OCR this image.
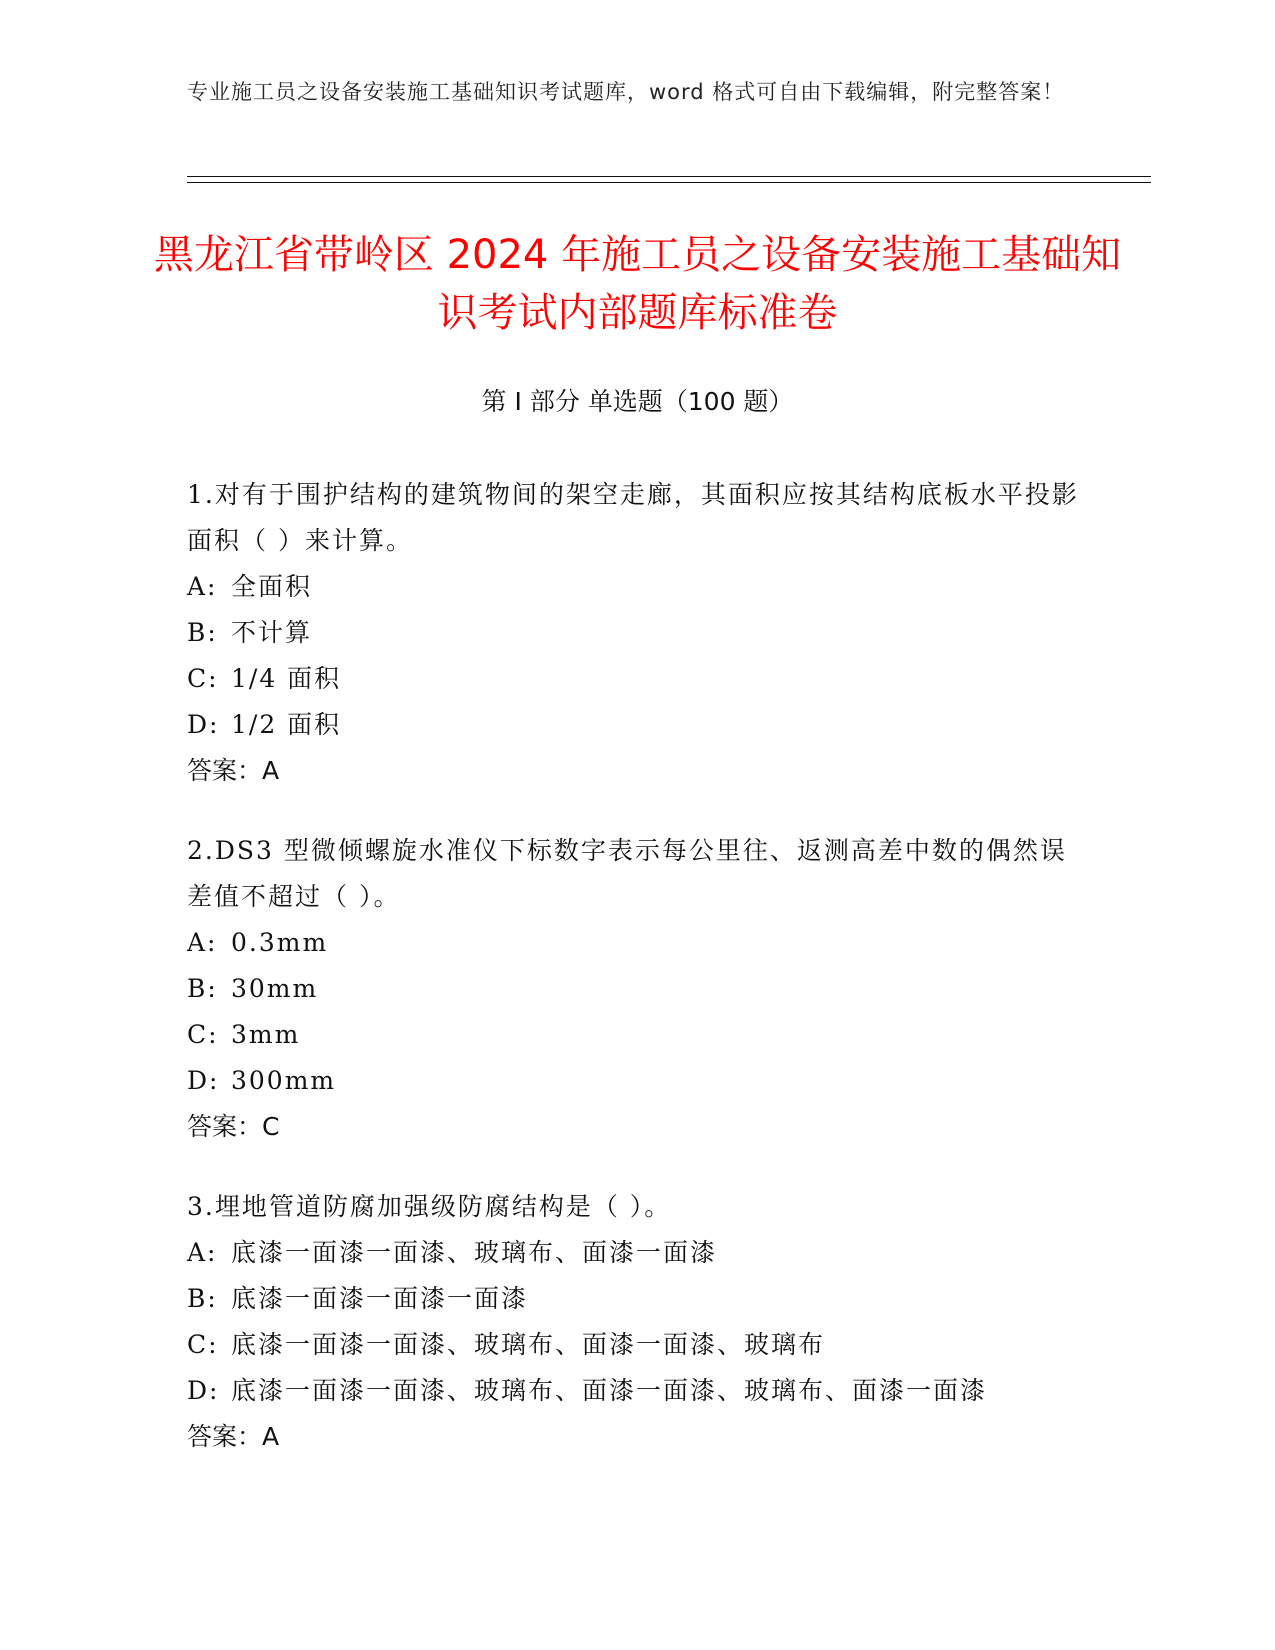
专业施工员之设备安装施工基础知识考试题库，word 格式可自由下载编辑，附完整答案！
黑龙江省带岭区 2024 年施工员之设备安装施工基础知识考试内部题库标准卷
第 I 部分 单选题（100 题）
1.对有于围护结构的建筑物间的架空走廊，其面积应按其结构底板水平投影面积（ ）来计算。
A: 全面积
B: 不计算
C: 1/4 面积
D: 1/2 面积
答案：A
2.DS3 型微倾螺旋水准仪下标数字表示每公里往、返测高差中数的偶然误差值不超过（ ）。
A: 0.3mm
B: 30mm
C: 3mm
D: 300mm
答案：C
3.埋地管道防腐加强级防腐结构是（ ）。
A: 底漆一面漆一面漆、玻璃布、面漆一面漆
B: 底漆一面漆一面漆一面漆
C: 底漆一面漆一面漆、玻璃布、面漆一面漆、玻璃布
D: 底漆一面漆一面漆、玻璃布、面漆一面漆、玻璃布、面漆一面漆
答案：A
